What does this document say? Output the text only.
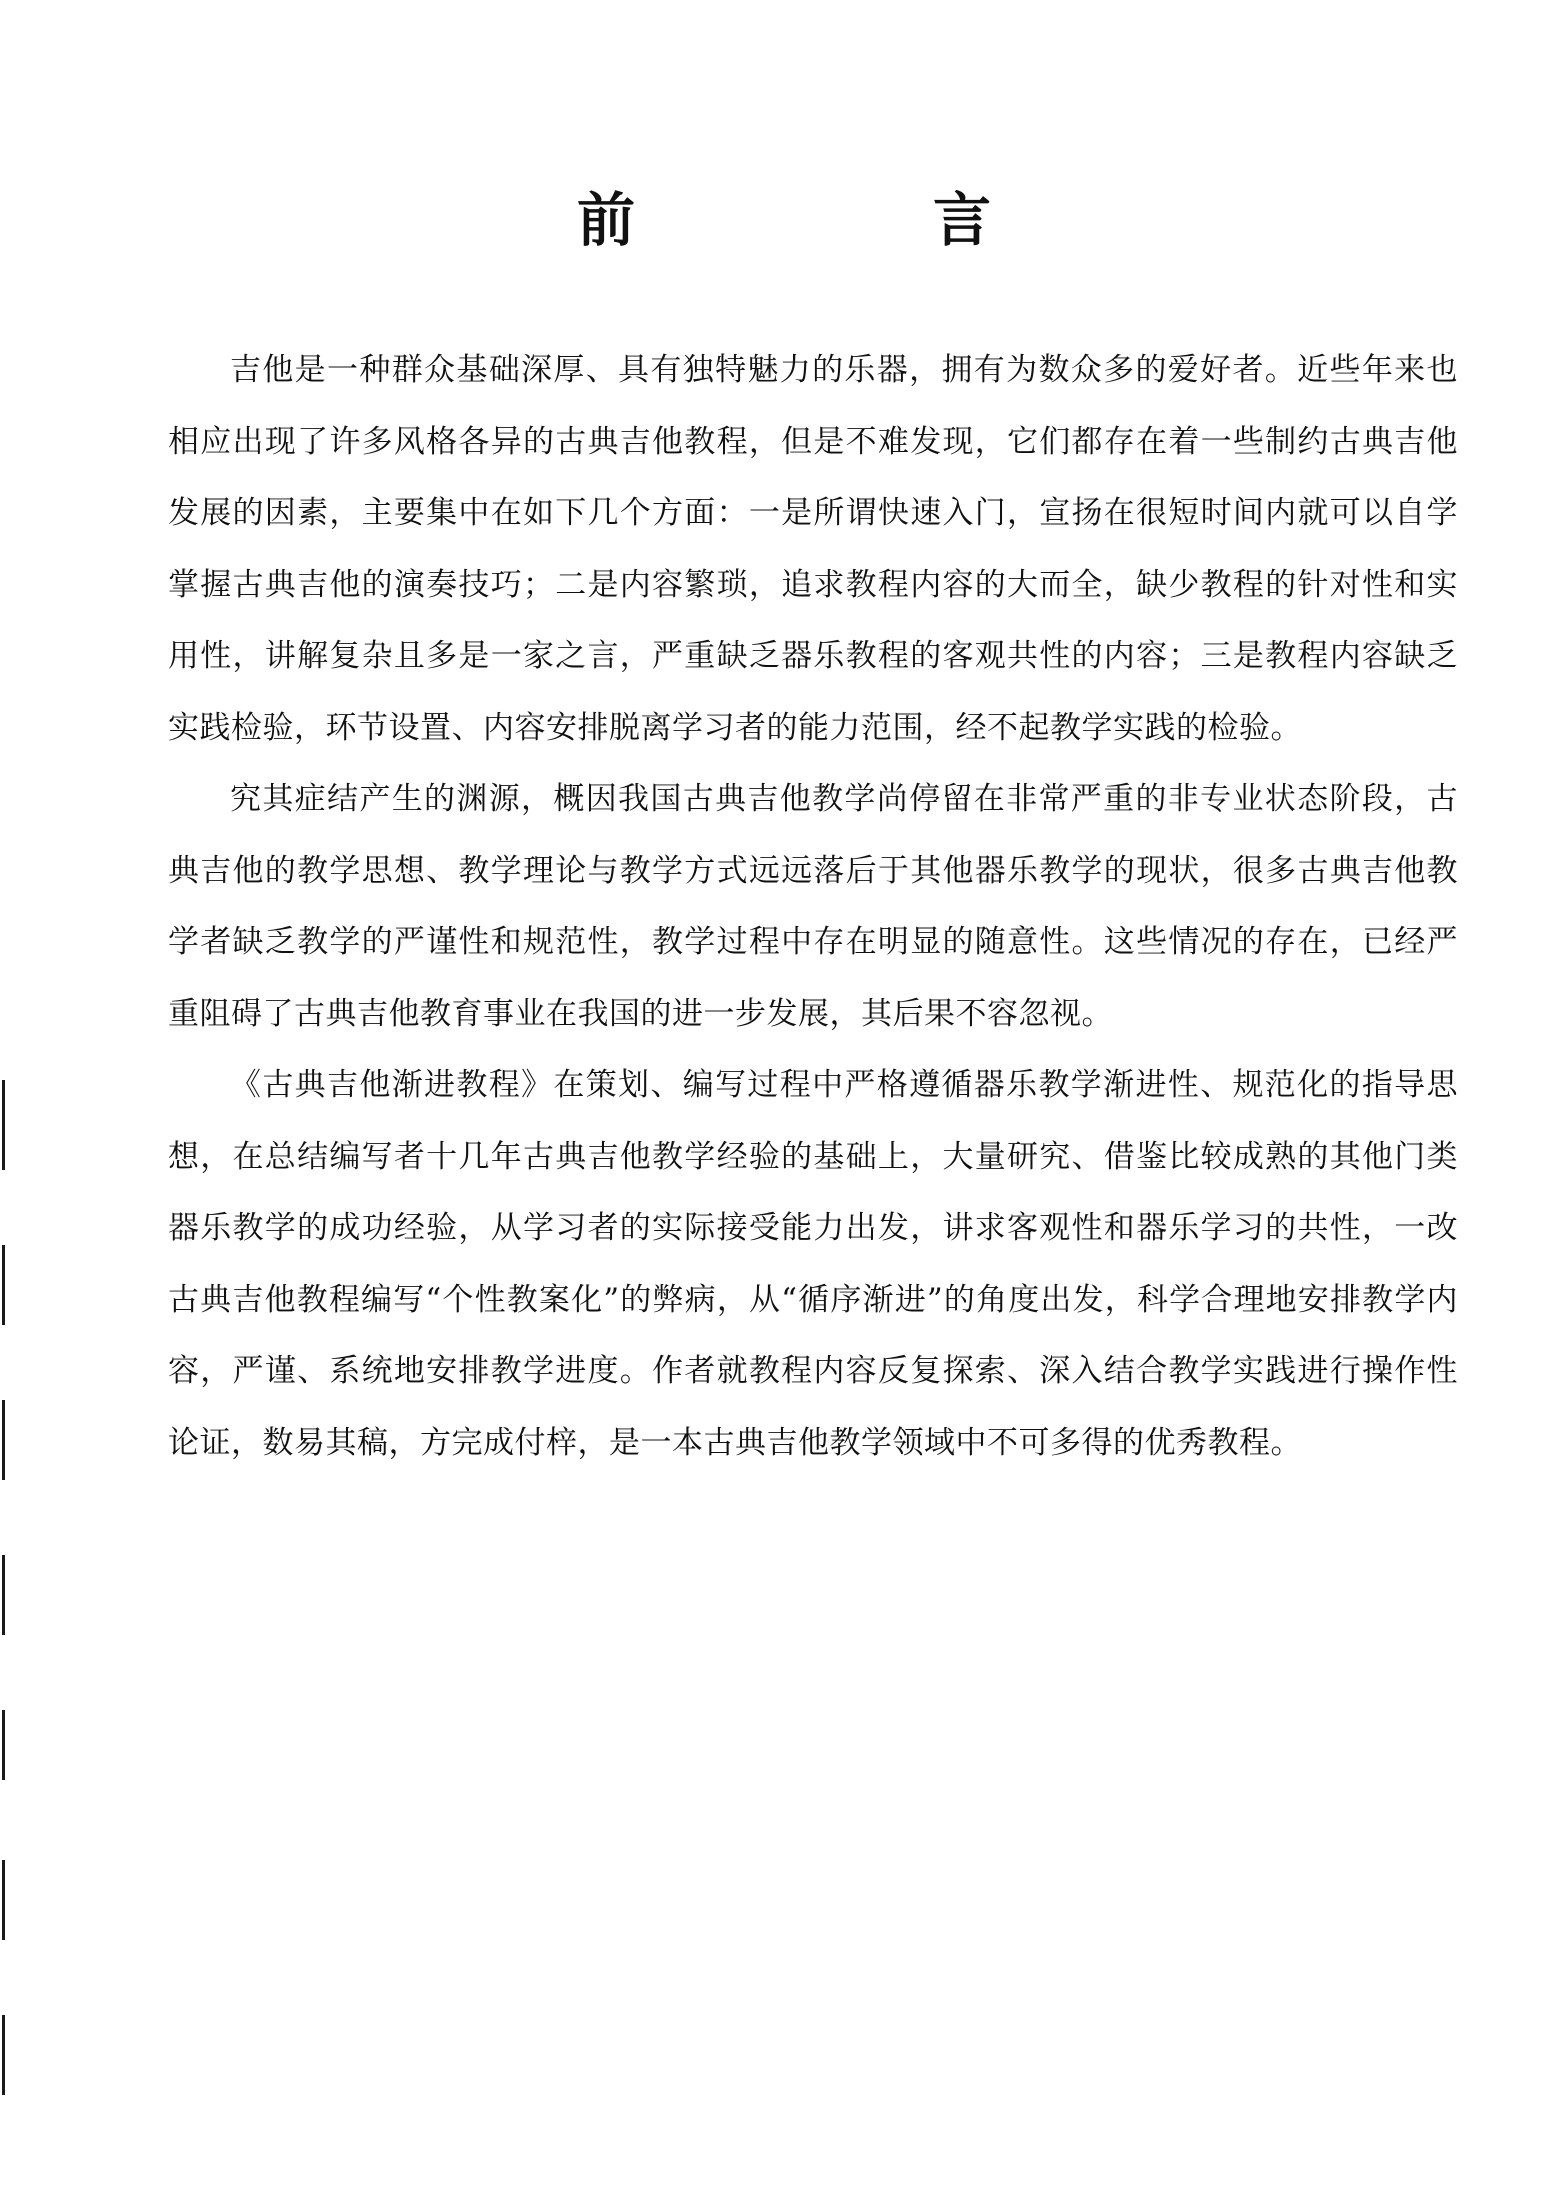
前　言

吉他是一种群众基础深厚、具有独特魅力的乐器，拥有为数众多的爱好者。近些年来也相应出现了许多风格各异的古典吉他教程，但是不难发现，它们都存在着一些制约古典吉他发展的因素，主要集中在如下几个方面：一是所谓快速入门，宣扬在很短时间内就可以自学掌握古典吉他的演奏技巧；二是内容繁琐，追求教程内容的大而全，缺少教程的针对性和实用性，讲解复杂且多是一家之言，严重缺乏器乐教程的客观共性的内容；三是教程内容缺乏实践检验，环节设置、内容安排脱离学习者的能力范围，经不起教学实践的检验。

究其症结产生的渊源，概因我国古典吉他教学尚停留在非常严重的非专业状态阶段，古典吉他的教学思想、教学理论与教学方式远远落后于其他器乐教学的现状，很多古典吉他教学者缺乏教学的严谨性和规范性，教学过程中存在明显的随意性。这些情况的存在，已经严重阻碍了古典吉他教育事业在我国的进一步发展，其后果不容忽视。

《古典吉他渐进教程》在策划、编写过程中严格遵循器乐教学渐进性、规范化的指导思想，在总结编写者十几年古典吉他教学经验的基础上，大量研究、借鉴比较成熟的其他门类器乐教学的成功经验，从学习者的实际接受能力出发，讲求客观性和器乐学习的共性，一改古典吉他教程编写“个性教案化”的弊病，从“循序渐进”的角度出发，科学合理地安排教学内容，严谨、系统地安排教学进度。作者就教程内容反复探索、深入结合教学实践进行操作性论证，数易其稿，方完成付梓，是一本古典吉他教学领域中不可多得的优秀教程。
